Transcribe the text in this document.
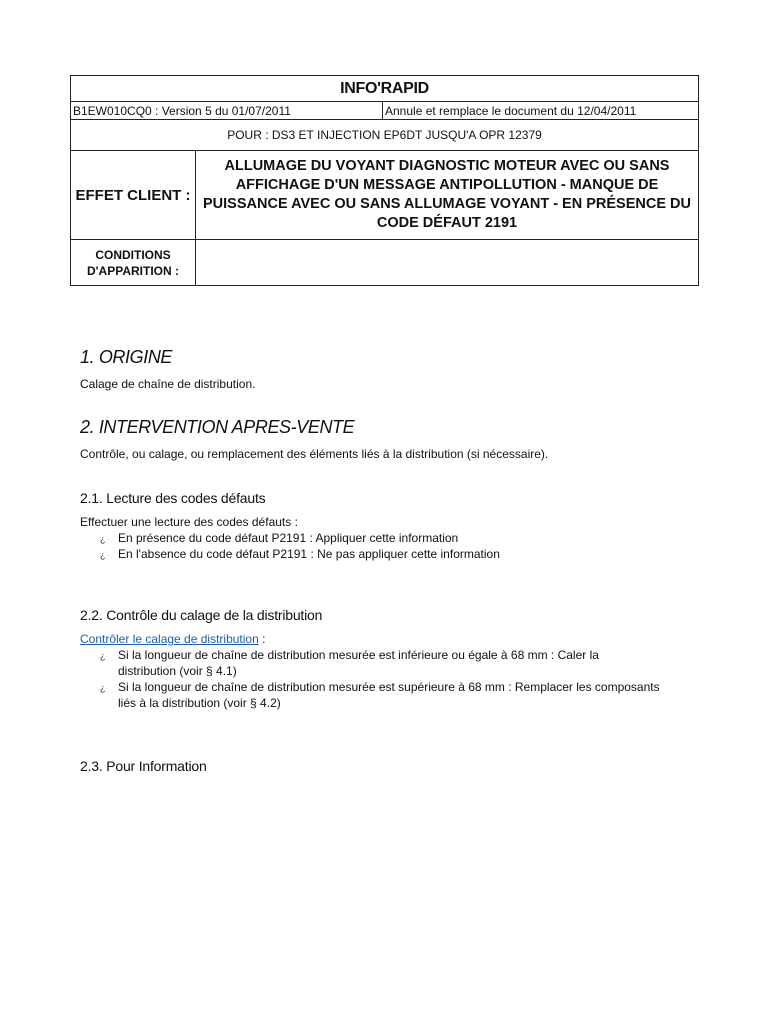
INFO'RAPID		
B1EW010CQ0 : Version 5 du 01/07/2011		Annule et remplace le document du 12/04/2011
POUR : DS3 ET INJECTION EP6DT JUSQU'A OPR 12379		
EFFET CLIENT :	ALLUMAGE DU VOYANT DIAGNOSTIC MOTEUR AVEC OU SANS AFFICHAGE D'UN MESSAGE ANTIPOLLUTION - MANQUE DE PUISSANCE AVEC OU SANS ALLUMAGE VOYANT - EN PRÉSENCE DU CODE DÉFAUT 2191	
CONDITIONS
D'APPARITION :		
1. ORIGINE

Calage de chaîne de distribution.

2. INTERVENTION APRES-VENTE

Contrôle, ou calage, ou remplacement des éléments liés à la distribution (si nécessaire).

2.1. Lecture des codes défauts

Effectuer une lecture des codes défauts :

¿ En présence du code défaut P2191 : Appliquer cette information
¿ En l'absence du code défaut P2191 : Ne pas appliquer cette information
2.2. Contrôle du calage de la distribution

Contrôler le calage de distribution :

¿ Si la longueur de chaîne de distribution mesurée est inférieure ou égale à 68 mm : Caler la distribution (voir § 4.1)
¿ Si la longueur de chaîne de distribution mesurée est supérieure à 68 mm : Remplacer les composants liés à la distribution (voir § 4.2)
2.3. Pour Information
